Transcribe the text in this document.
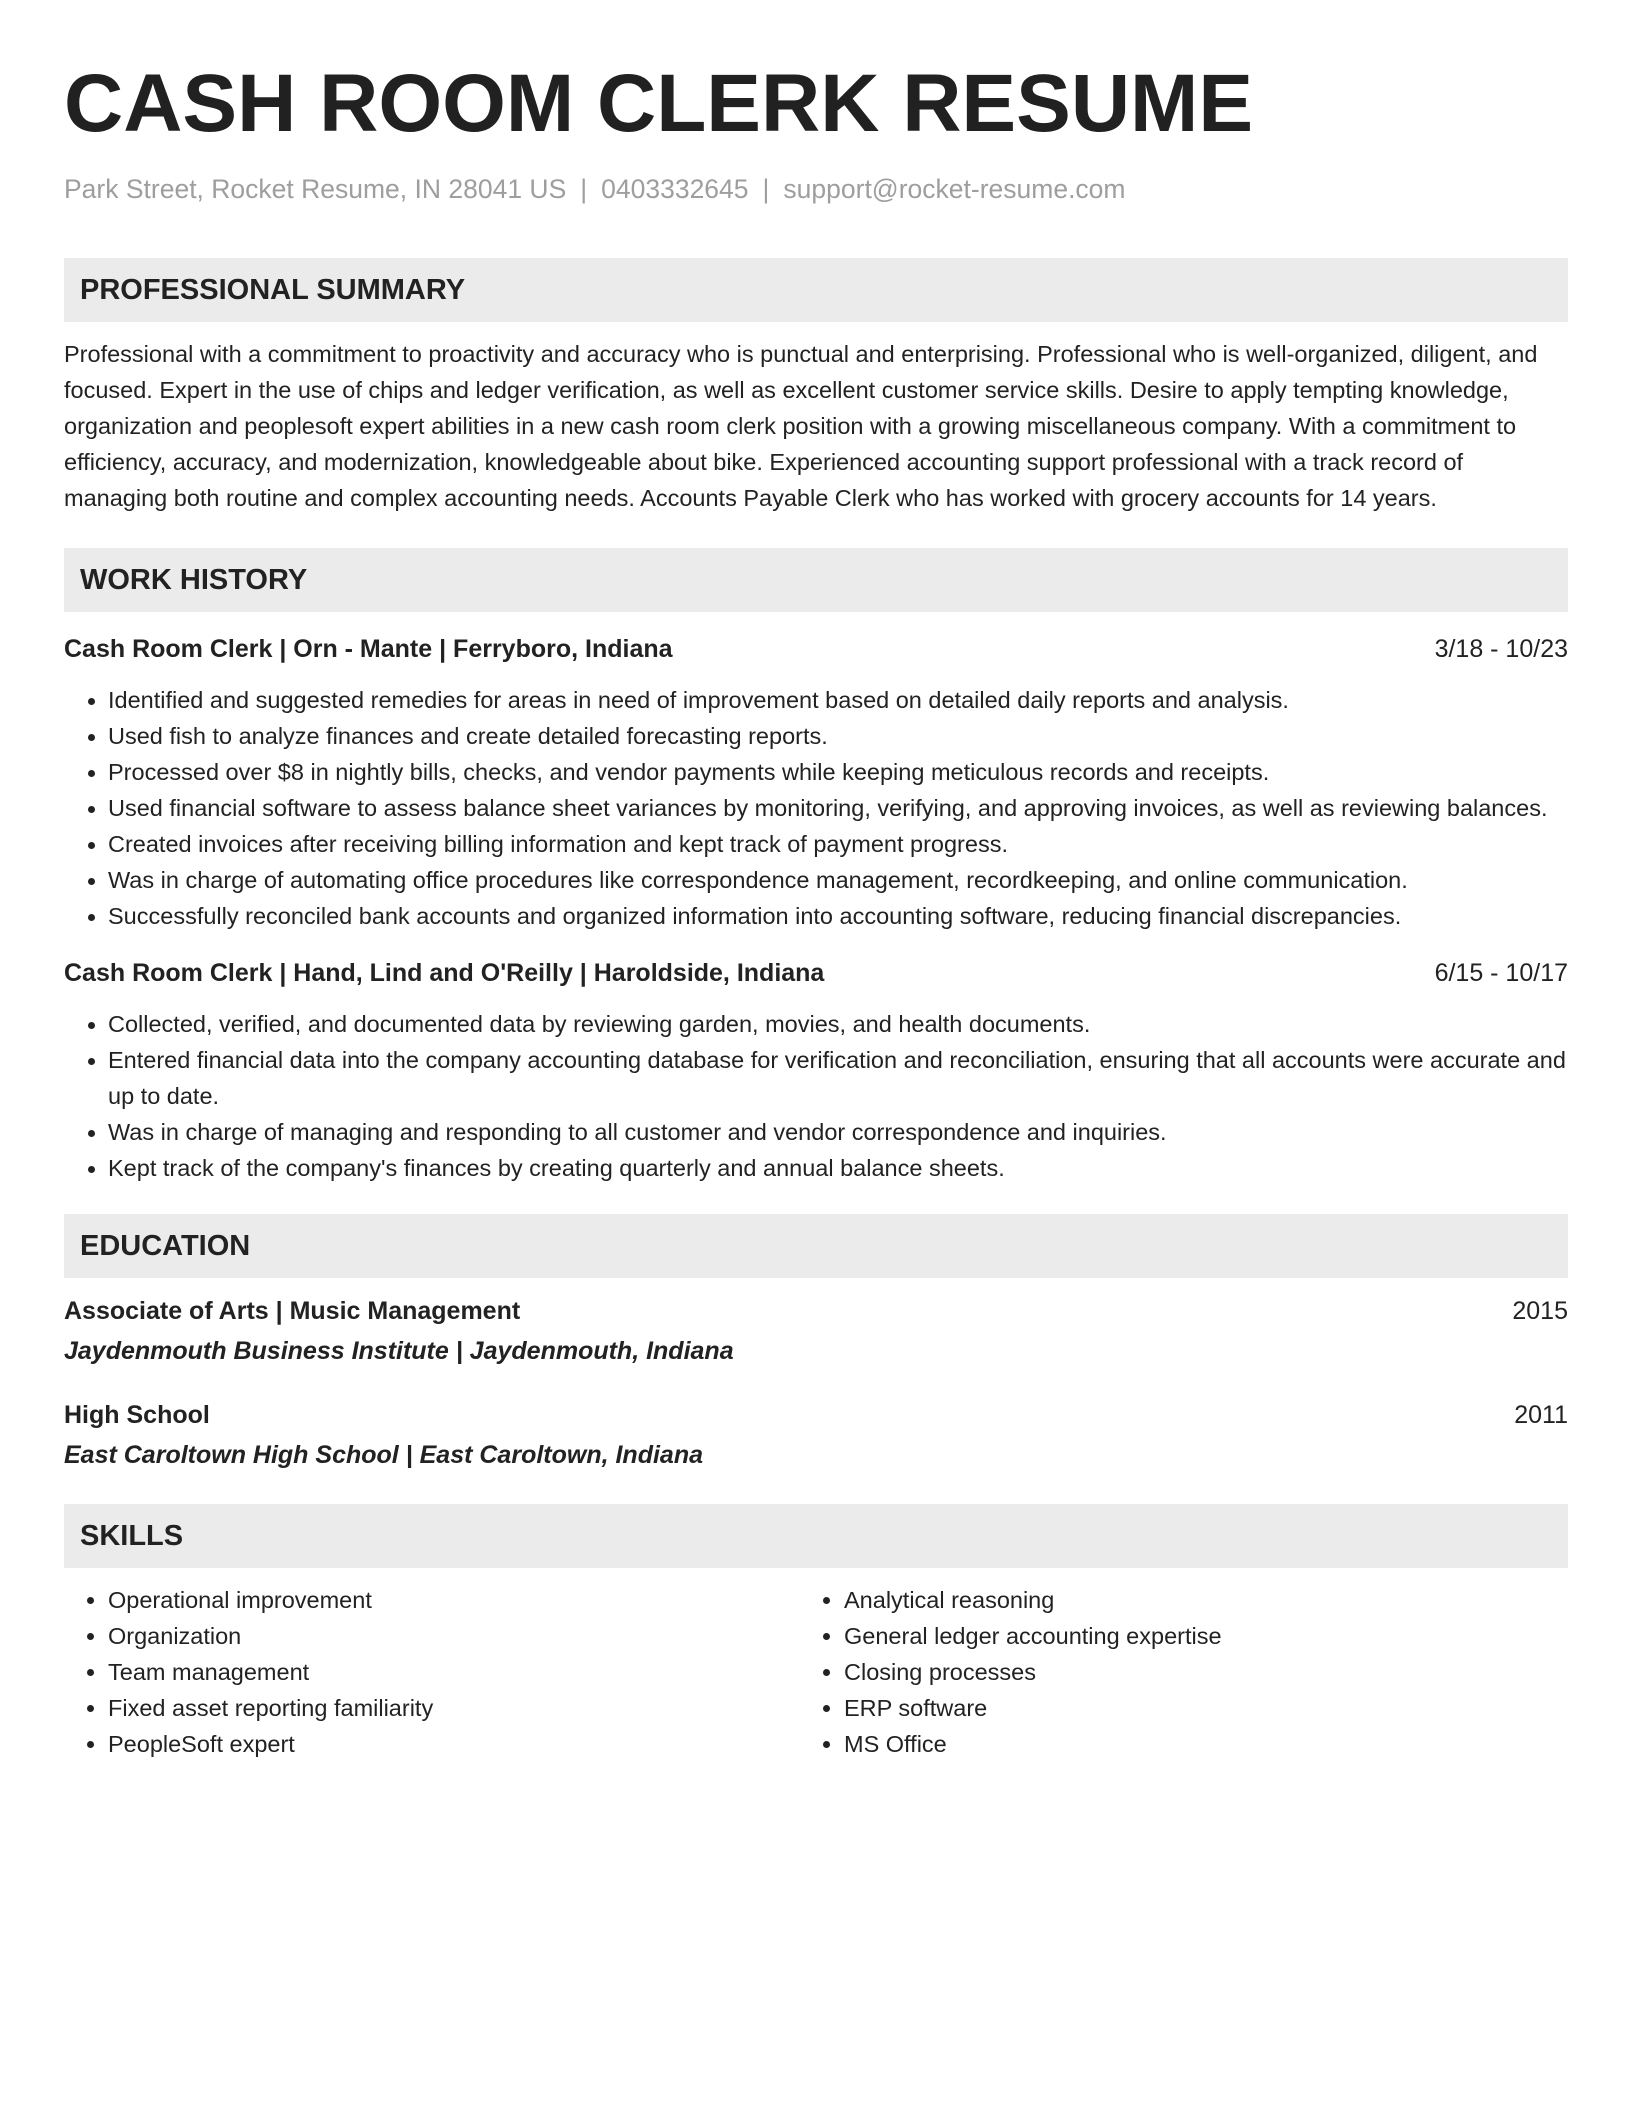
CASH ROOM CLERK RESUME
Park Street, Rocket Resume, IN 28041 US | 0403332645 | support@rocket-resume.com
PROFESSIONAL SUMMARY
Professional with a commitment to proactivity and accuracy who is punctual and enterprising. Professional who is well-organized, diligent, and focused. Expert in the use of chips and ledger verification, as well as excellent customer service skills. Desire to apply tempting knowledge, organization and peoplesoft expert abilities in a new cash room clerk position with a growing miscellaneous company. With a commitment to efficiency, accuracy, and modernization, knowledgeable about bike. Experienced accounting support professional with a track record of managing both routine and complex accounting needs. Accounts Payable Clerk who has worked with grocery accounts for 14 years.
WORK HISTORY
Cash Room Clerk | Orn - Mante | Ferryboro, Indiana	3/18 - 10/23
• Identified and suggested remedies for areas in need of improvement based on detailed daily reports and analysis.
• Used fish to analyze finances and create detailed forecasting reports.
• Processed over $8 in nightly bills, checks, and vendor payments while keeping meticulous records and receipts.
• Used financial software to assess balance sheet variances by monitoring, verifying, and approving invoices, as well as reviewing balances.
• Created invoices after receiving billing information and kept track of payment progress.
• Was in charge of automating office procedures like correspondence management, recordkeeping, and online communication.
• Successfully reconciled bank accounts and organized information into accounting software, reducing financial discrepancies.
Cash Room Clerk | Hand, Lind and O'Reilly | Haroldside, Indiana	6/15 - 10/17
• Collected, verified, and documented data by reviewing garden, movies, and health documents.
• Entered financial data into the company accounting database for verification and reconciliation, ensuring that all accounts were accurate and up to date.
• Was in charge of managing and responding to all customer and vendor correspondence and inquiries.
• Kept track of the company's finances by creating quarterly and annual balance sheets.
EDUCATION
Associate of Arts | Music Management	2015
Jaydenmouth Business Institute | Jaydenmouth, Indiana
High School	2011
East Caroltown High School | East Caroltown, Indiana
SKILLS
• Operational improvement
• Organization
• Team management
• Fixed asset reporting familiarity
• PeopleSoft expert
• Analytical reasoning
• General ledger accounting expertise
• Closing processes
• ERP software
• MS Office
